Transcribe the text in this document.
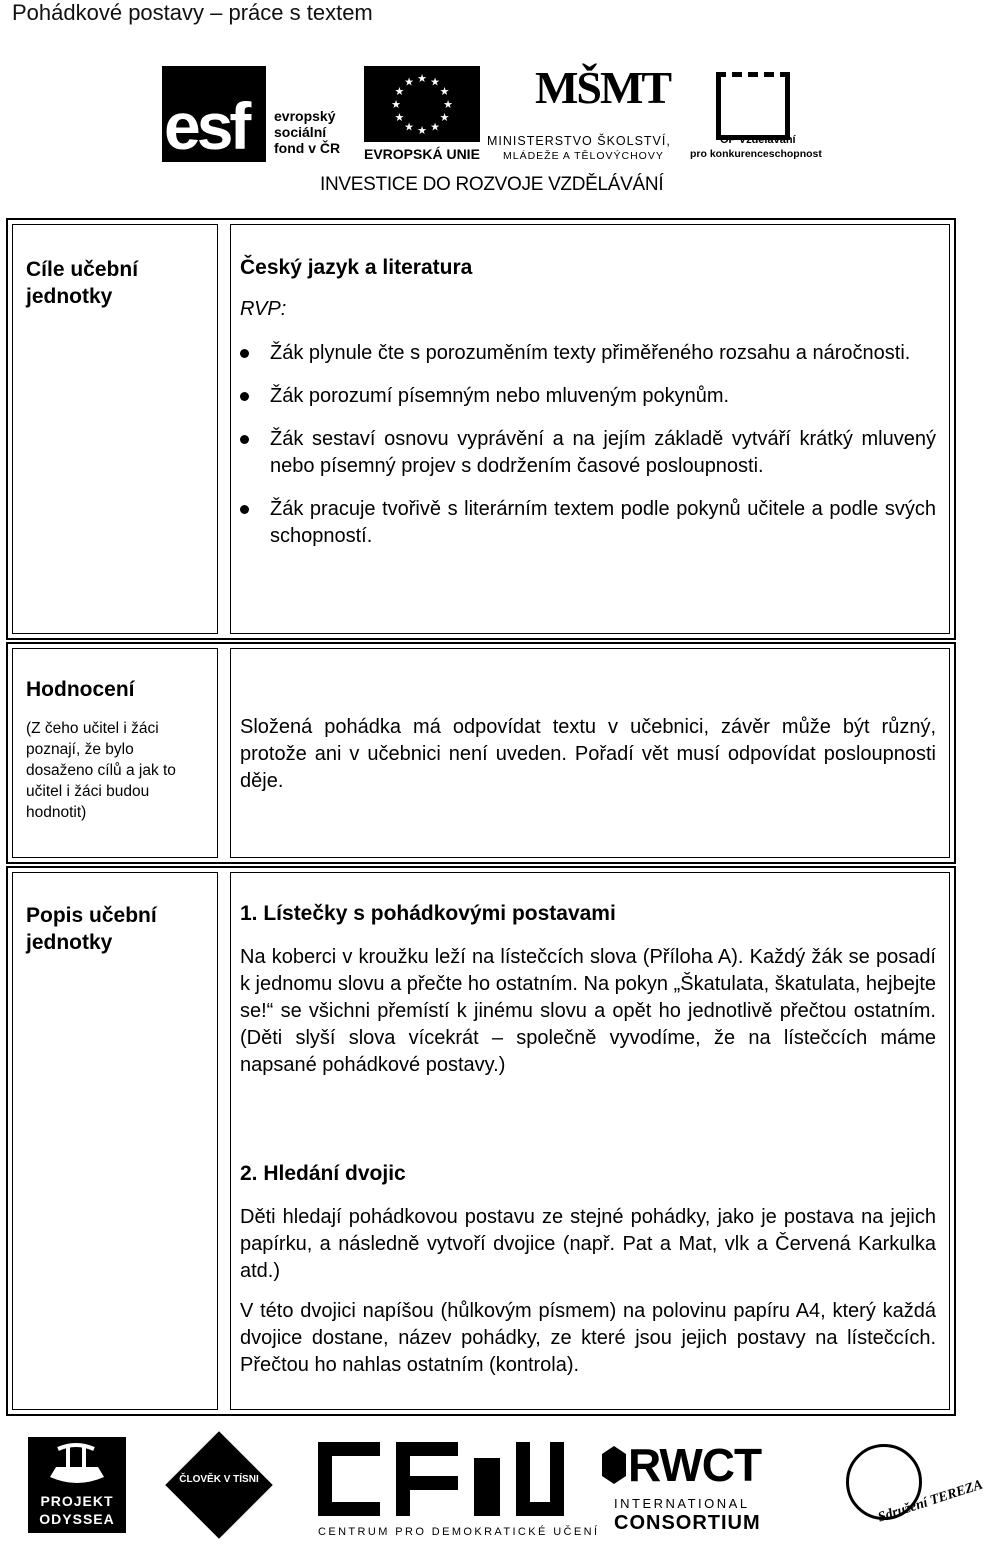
Pohádkové postavy – práce s textem
esf evropský
sociální
fond v ČR
★
★
★
★
★
★
★
★
★ ★ ★
★
EVROPSKÁ UNIE
MŠMT
MINISTERSTVO ŠKOLSTVÍ,
MLÁDEŽE A TĚLOVÝCHOVY
OP Vzdělávání
pro konkurenceschopnost
INVESTICE DO ROZVOJE VZDĚLÁVÁNÍ
Cíle učební jednotky
Český jazyk a literatura
RVP:
Žák plynule čte s porozuměním texty přiměřeného rozsahu a náročnosti.
Žák porozumí písemným nebo mluveným pokynům.
Žák sestaví osnovu vyprávění a na jejím základě vytváří krátký mluvený nebo písemný projev s dodržením časové posloupnosti.
Žák pracuje tvořivě s literárním textem podle pokynů učitele a podle svých schopností.
Hodnocení
(Z čeho učitel i žáci poznají, že bylo dosaženo cílů a jak to učitel i žáci budou hodnotit)
Složená pohádka má odpovídat textu v učebnici, závěr může být různý, protože ani v učebnici není uveden. Pořadí vět musí odpovídat posloupnosti děje.
Popis učební jednotky
1. Lístečky s pohádkovými postavami
Na koberci v kroužku leží na lístečcích slova (Příloha A). Každý žák se posadí k jednomu slovu a přečte ho ostatním. Na pokyn „Škatulata, škatulata, hejbejte se!“ se všichni přemístí k jinému slovu a opět ho jednotlivě přečtou ostatním. (Děti slyší slova vícekrát – společně vyvodíme, že na lístečcích máme napsané pohádkové postavy.)
2. Hledání dvojic
Děti hledají pohádkovou postavu ze stejné pohádky, jako je postava na jejich papírku, a následně vytvoří dvojice (např. Pat a Mat, vlk a Červená Karkulka atd.)
V této dvojici napíšou (hůlkovým písmem) na polovinu papíru A4, který každá dvojice dostane, název pohádky, ze které jsou jejich postavy na lístečcích. Přečtou ho nahlas ostatním (kontrola).
PROJEKT
ODYSSEA
ČLOVĚK V TÍSNI
CENTRUM PRO DEMOKRATICKÉ UČENÍ
RWCT
INTERNATIONAL
CONSORTIUM	Sdružení TEREZA
